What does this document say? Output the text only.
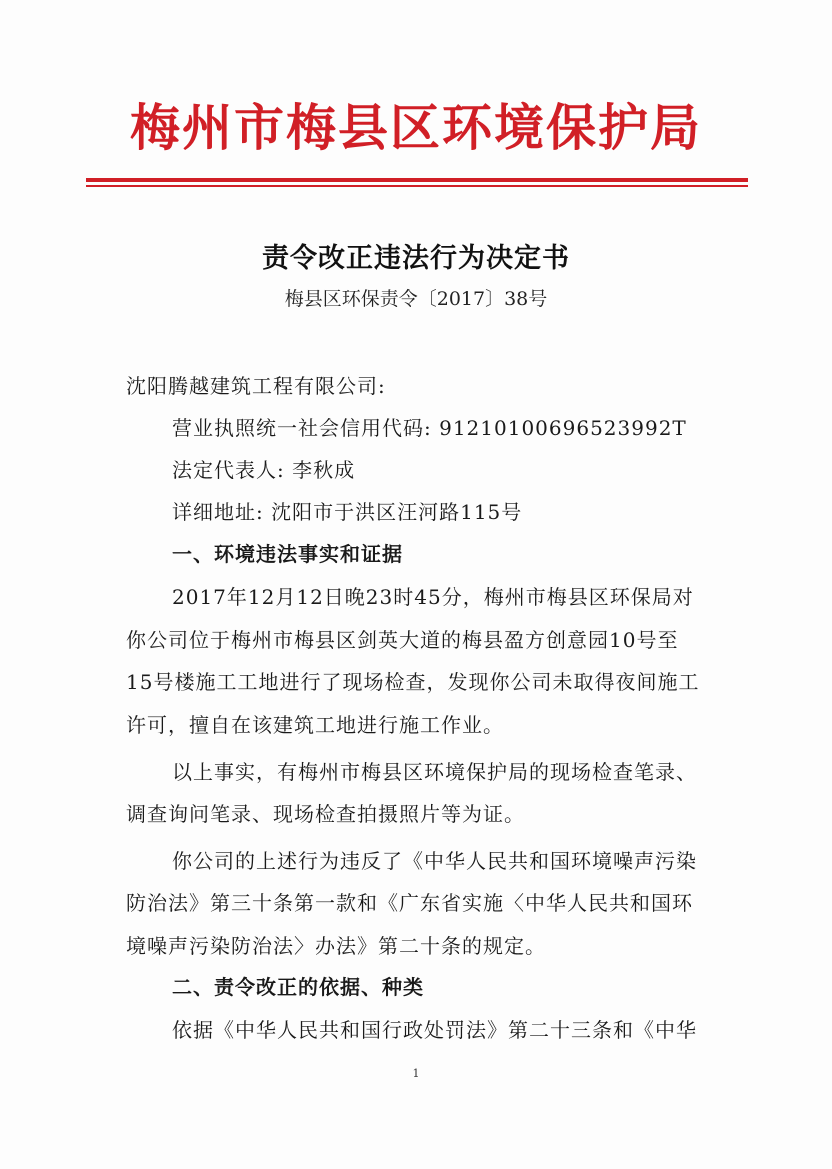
梅州市梅县区环境保护局
责令改正违法行为决定书
梅县区环保责令〔2017〕38号
沈阳腾越建筑工程有限公司:
营业执照统一社会信用代码: 91210100696523992T
法定代表人: 李秋成
详细地址: 沈阳市于洪区汪河路115号
一、环境违法事实和证据
2017年12月12日晚23时45分，梅州市梅县区环保局对
你公司位于梅州市梅县区剑英大道的梅县盈方创意园10号至
15号楼施工工地进行了现场检查，发现你公司未取得夜间施工
许可，擅自在该建筑工地进行施工作业。
以上事实，有梅州市梅县区环境保护局的现场检查笔录、
调查询问笔录、现场检查拍摄照片等为证。
你公司的上述行为违反了《中华人民共和国环境噪声污染
防治法》第三十条第一款和《广东省实施〈中华人民共和国环
境噪声污染防治法〉办法》第二十条的规定。
二、责令改正的依据、种类
依据《中华人民共和国行政处罚法》第二十三条和《中华
1
